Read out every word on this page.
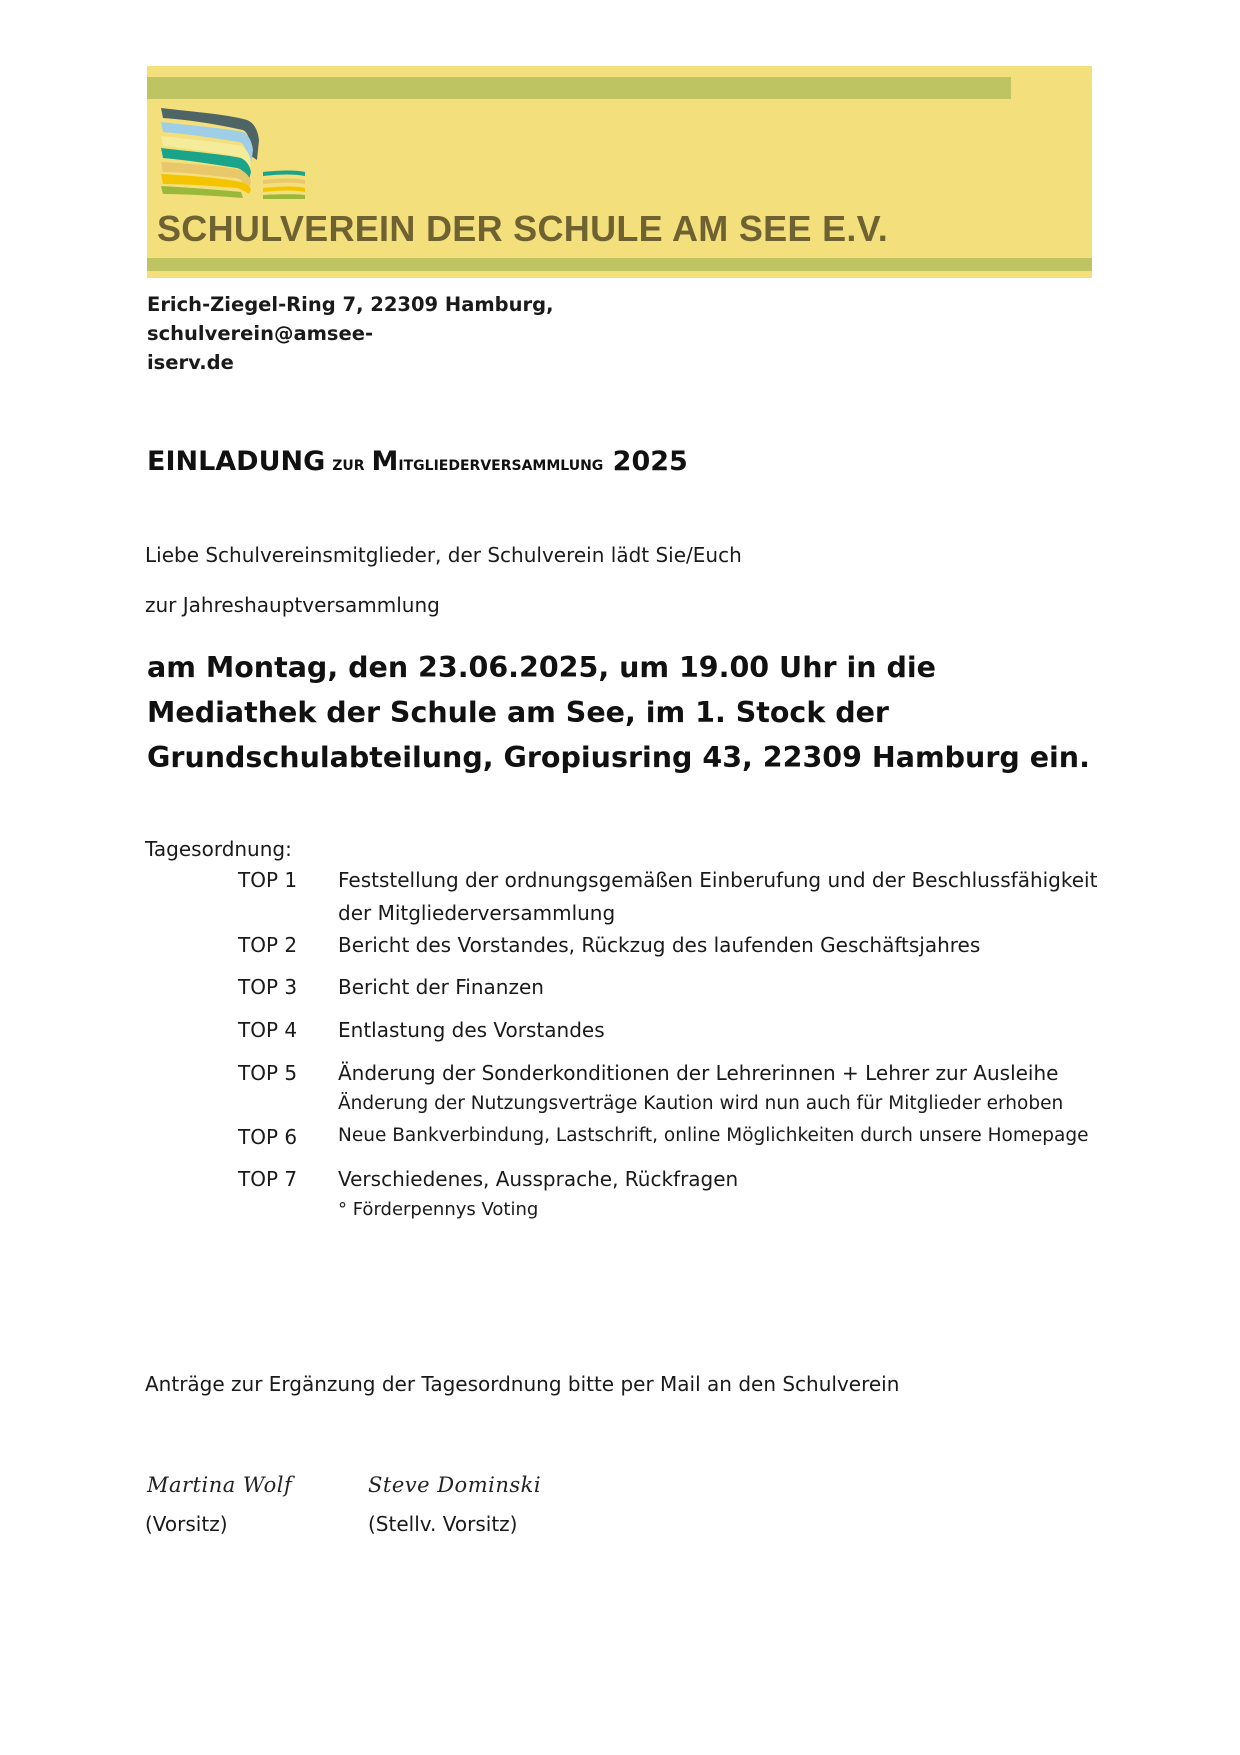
SCHULVEREIN DER SCHULE AM SEE E.V.
Erich-Ziegel-Ring 7, 22309 Hamburg, schulverein@amsee-
iserv.de
EINLADUNG zur Mitgliederversammlung 2025
Liebe Schulvereinsmitglieder, der Schulverein lädt Sie/Euch
zur Jahreshauptversammlung
am Montag, den 23.06.2025, um 19.00 Uhr in die
Mediathek der Schule am See, im 1. Stock der
Grundschulabteilung, Gropiusring 43, 22309 Hamburg ein.
Tagesordnung:
TOP 1 Feststellung der ordnungsgemäßen Einberufung und der Beschlussfähigkeit
der Mitgliederversammlung
TOP 2 Bericht des Vorstandes, Rückzug des laufenden Geschäftsjahres
TOP 3 Bericht der Finanzen
TOP 4 Entlastung des Vorstandes
TOP 5 Änderung der Sonderkonditionen der Lehrerinnen + Lehrer zur Ausleihe
Änderung der Nutzungsverträge Kaution wird nun auch für Mitglieder erhoben
TOP 6 Neue Bankverbindung, Lastschrift, online Möglichkeiten durch unsere Homepage
TOP 7 Verschiedenes, Aussprache, Rückfragen
° Förderpennys Voting
Anträge zur Ergänzung der Tagesordnung bitte per Mail an den Schulverein
Martina Wolf	Steve Dominski
(Vorsitz)	(Stellv. Vorsitz)
